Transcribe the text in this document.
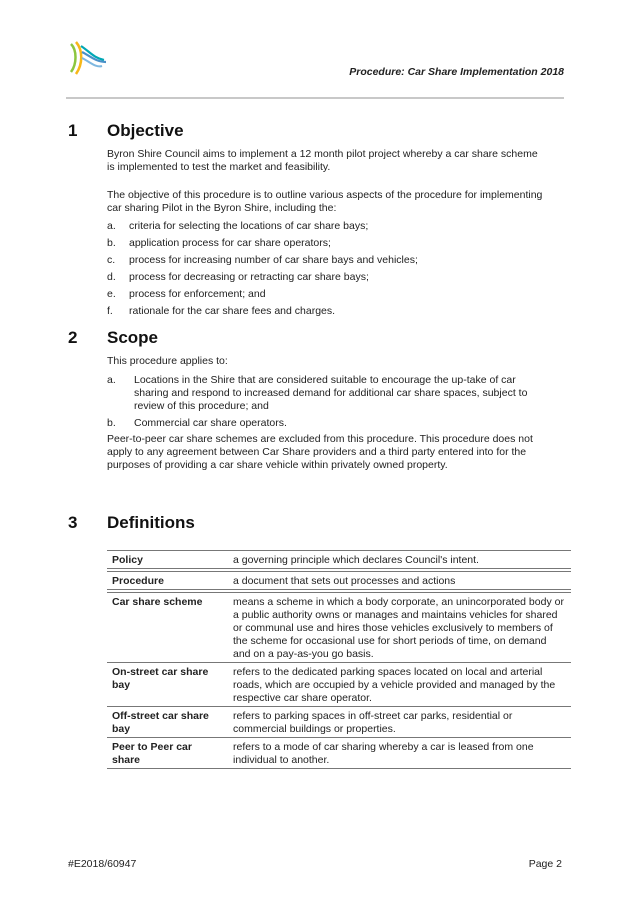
Procedure: Car Share Implementation 2018
1 Objective
Byron Shire Council aims to implement a 12 month pilot project whereby a car share scheme is implemented to test the market and feasibility.
The objective of this procedure is to outline various aspects of the procedure for implementing car sharing Pilot in the Byron Shire, including the:
a.	criteria for selecting the locations of car share bays;
b.	application process for car share operators;
c.	process for increasing number of car share bays and vehicles;
d.	process for decreasing or retracting car share bays;
e.	process for enforcement; and
f.	rationale for the car share fees and charges.
2 Scope
This procedure applies to:
a.	Locations in the Shire that are considered suitable to encourage the up-take of car sharing and respond to increased demand for additional car share spaces, subject to review of this procedure; and
b.	Commercial car share operators.
Peer-to-peer car share schemes are excluded from this procedure. This procedure does not apply to any agreement between Car Share providers and a third party entered into for the purposes of providing a car share vehicle within privately owned property.
3 Definitions
Policy	a governing principle which declares Council's intent.

Procedure	a document that sets out processes and actions

Car share scheme	means a scheme in which a body corporate, an unincorporated body or a public authority owns or manages and maintains vehicles for shared or communal use and hires those vehicles exclusively to members of the scheme for occasional use for short periods of time, on demand and on a pay-as-you go basis.
On-street car share bay	refers to the dedicated parking spaces located on local and arterial roads, which are occupied by a vehicle provided and managed by the respective car share operator.
Off-street car share bay	refers to parking spaces in off-street car parks, residential or commercial buildings or properties.
Peer to Peer car share	refers to a mode of car sharing whereby a car is leased from one individual to another.
#E2018/60947	Page 2
